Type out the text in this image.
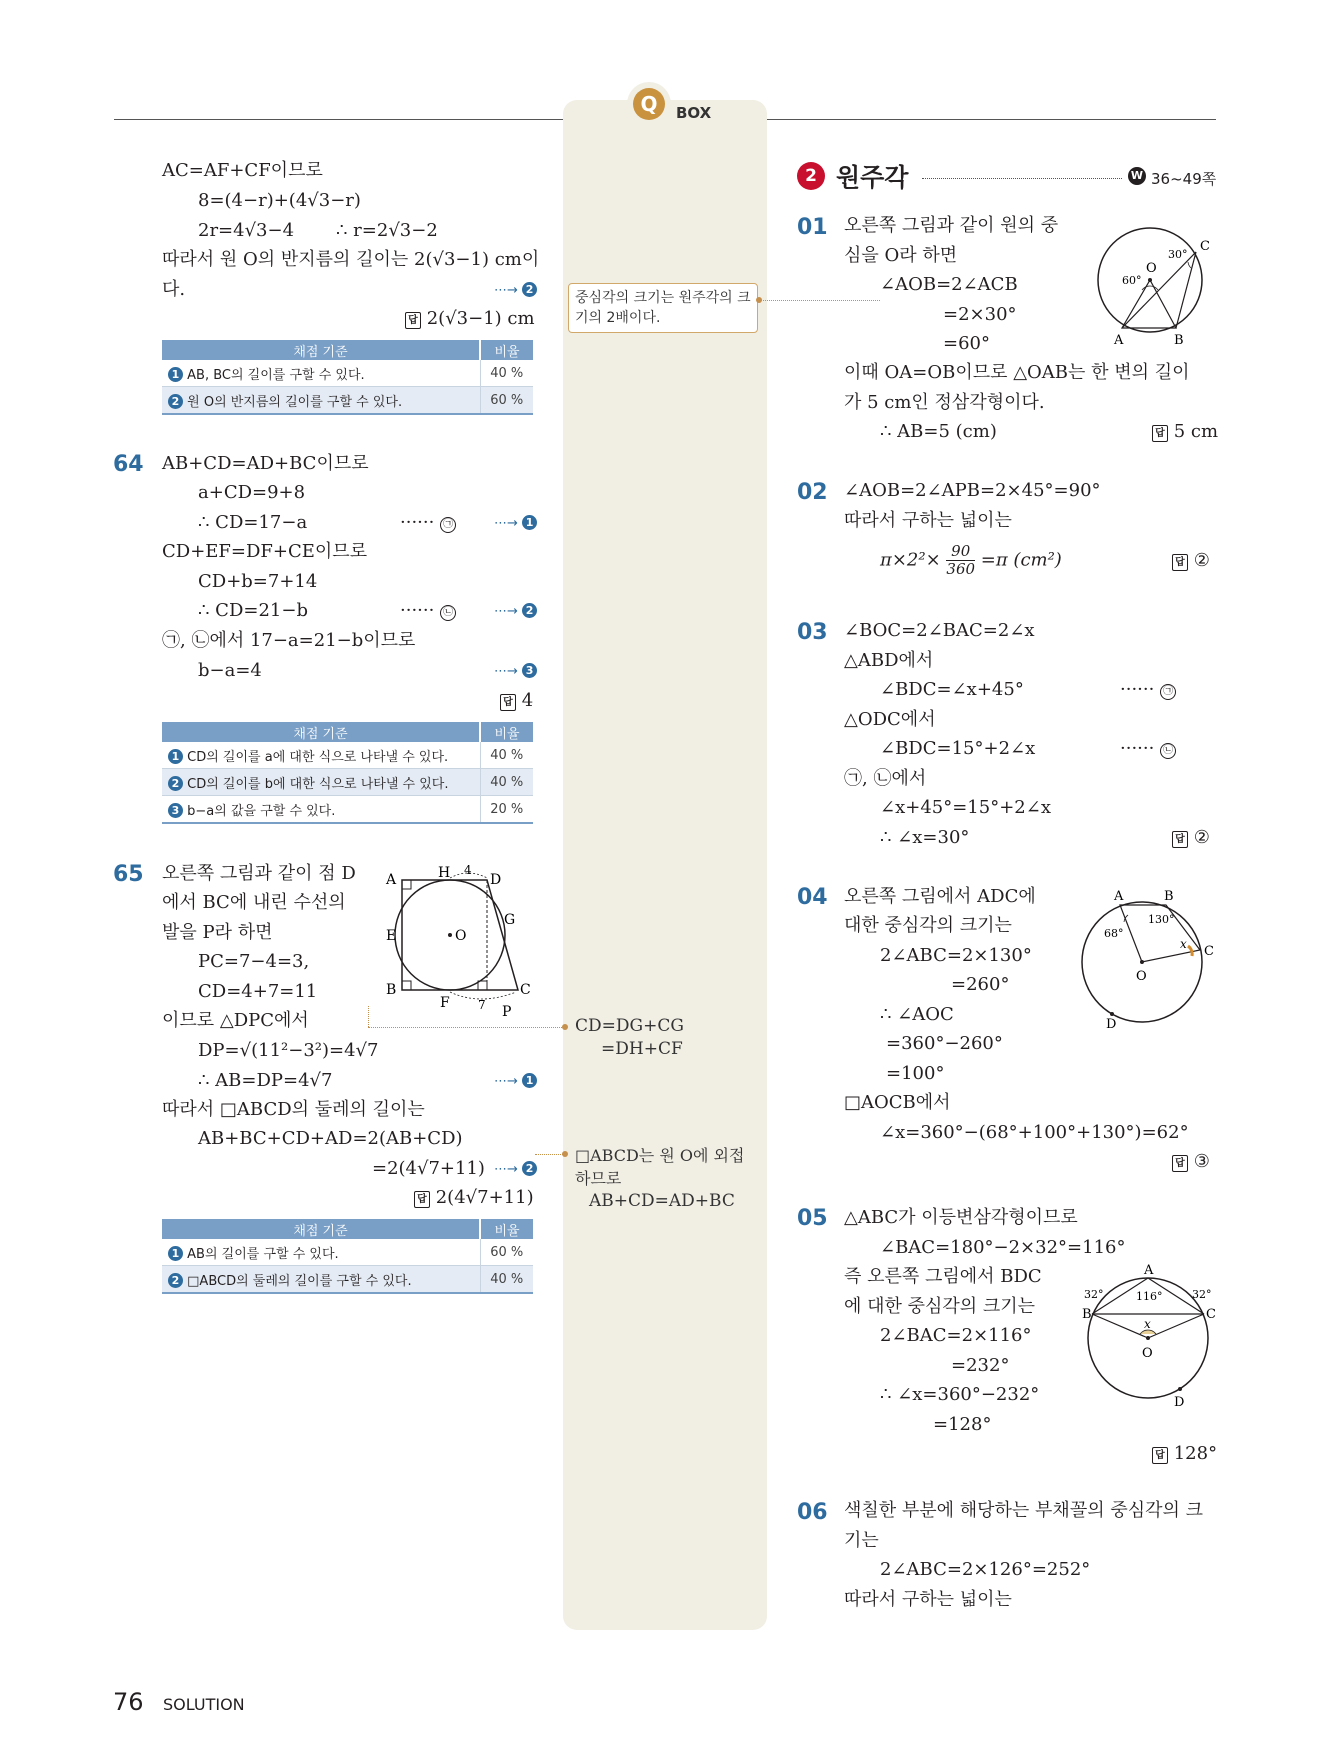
Q	BOX
AC=AF+CF이므로
8=(4−r)+(4√3−r)
2r=4√3−4 ∴ r=2√3−2
따라서 원 O의 반지름의 길이는 2(√3−1) cm이
다.	⋯→ 2
답 2(√3−1) cm
채점 기준	비율
1 AB, BC의 길이를 구할 수 있다.	40 %
2 원 O의 반지름의 길이를 구할 수 있다.	60 %
64 AB+CD=AD+BC이므로
a+CD=9+8
∴ CD=17−a	······ ㉠	⋯→ 1
CD+EF=DF+CE이므로
CD+b=7+14
∴ CD=21−b	······ ㉡	⋯→ 2
㉠, ㉡에서 17−a=21−b이므로
b−a=4	⋯→ 3
답 4
채점 기준	비율
1 CD의 길이를 a에 대한 식으로 나타낼 수 있다.	40 %
2 CD의 길이를 b에 대한 식으로 나타낼 수 있다.	40 %
3 b−a의 값을 구할 수 있다.	20 %
65 오른쪽 그림과 같이 점 D
에서 BC에 내린 수선의
발을 P라 하면
PC=7−4=3,
CD=4+7=11
이므로 △DPC에서
DP=√(11²−3²)=4√7
∴ AB=DP=4√7	⋯→ 1
따라서 □ABCD의 둘레의 길이는
AB+BC+CD+AD=2(AB+CD)
=2(4√7+11) ⋯→ 2
답 2(4√7+11)
A	H 4
D
E	O
G
B	C
F 7 P
채점 기준	비율
1 AB의 길이를 구할 수 있다.	60 %
2 □ABCD의 둘레의 길이를 구할 수 있다.	40 %
중심각의 크기는 원주각의 크기의 2배이다.
CD=DG+CG
=DH+CF
□ABCD는 원 O에 외접
하므로
AB+CD=AD+BC
2 원주각	W 36~49쪽
01 오른쪽 그림과 같이 원의 중
심을 O라 하면
∠AOB=2∠ACB
=2×30°
=60°
이때 OA=OB이므로 △OAB는 한 변의 길이
가 5 cm인 정삼각형이다.
∴ AB=5 (cm)	답 5 cm
O
C
A	B
60°
30°
02 ∠AOB=2∠APB=2×45°=90°
따라서 구하는 넓이는
$\pi\times 2^2\times \frac{90}{360} =\pi$ (cm²)	답 ②
03 ∠BOC=2∠BAC=2∠x
△ABD에서
∠BDC=∠x+45°	······ ㉠
△ODC에서
∠BDC=15°+2∠x	······ ㉡
㉠, ㉡에서
∠x+45°=15°+2∠x
∴ ∠x=30°	답 ②
04 오른쪽 그림에서 ADC에
대한 중심각의 크기는
2∠ABC=2×130°
=260°
∴ ∠AOC
=360°−260°
=100°
□AOCB에서
∠x=360°−(68°+100°+130°)=62°
답 ③
A	B
C
O
D
130°
68°
x
05 △ABC가 이등변삼각형이므로
∠BAC=180°−2×32°=116°
즉 오른쪽 그림에서 BDC
에 대한 중심각의 크기는
2∠BAC=2×116°
=232°
∴ ∠x=360°−232°
=128°
답 128°
A
B	C
O
D
116°
32°	32°
x
06 색칠한 부분에 해당하는 부채꼴의 중심각의 크
기는
2∠ABC=2×126°=252°
따라서 구하는 넓이는
76 SOLUTION
